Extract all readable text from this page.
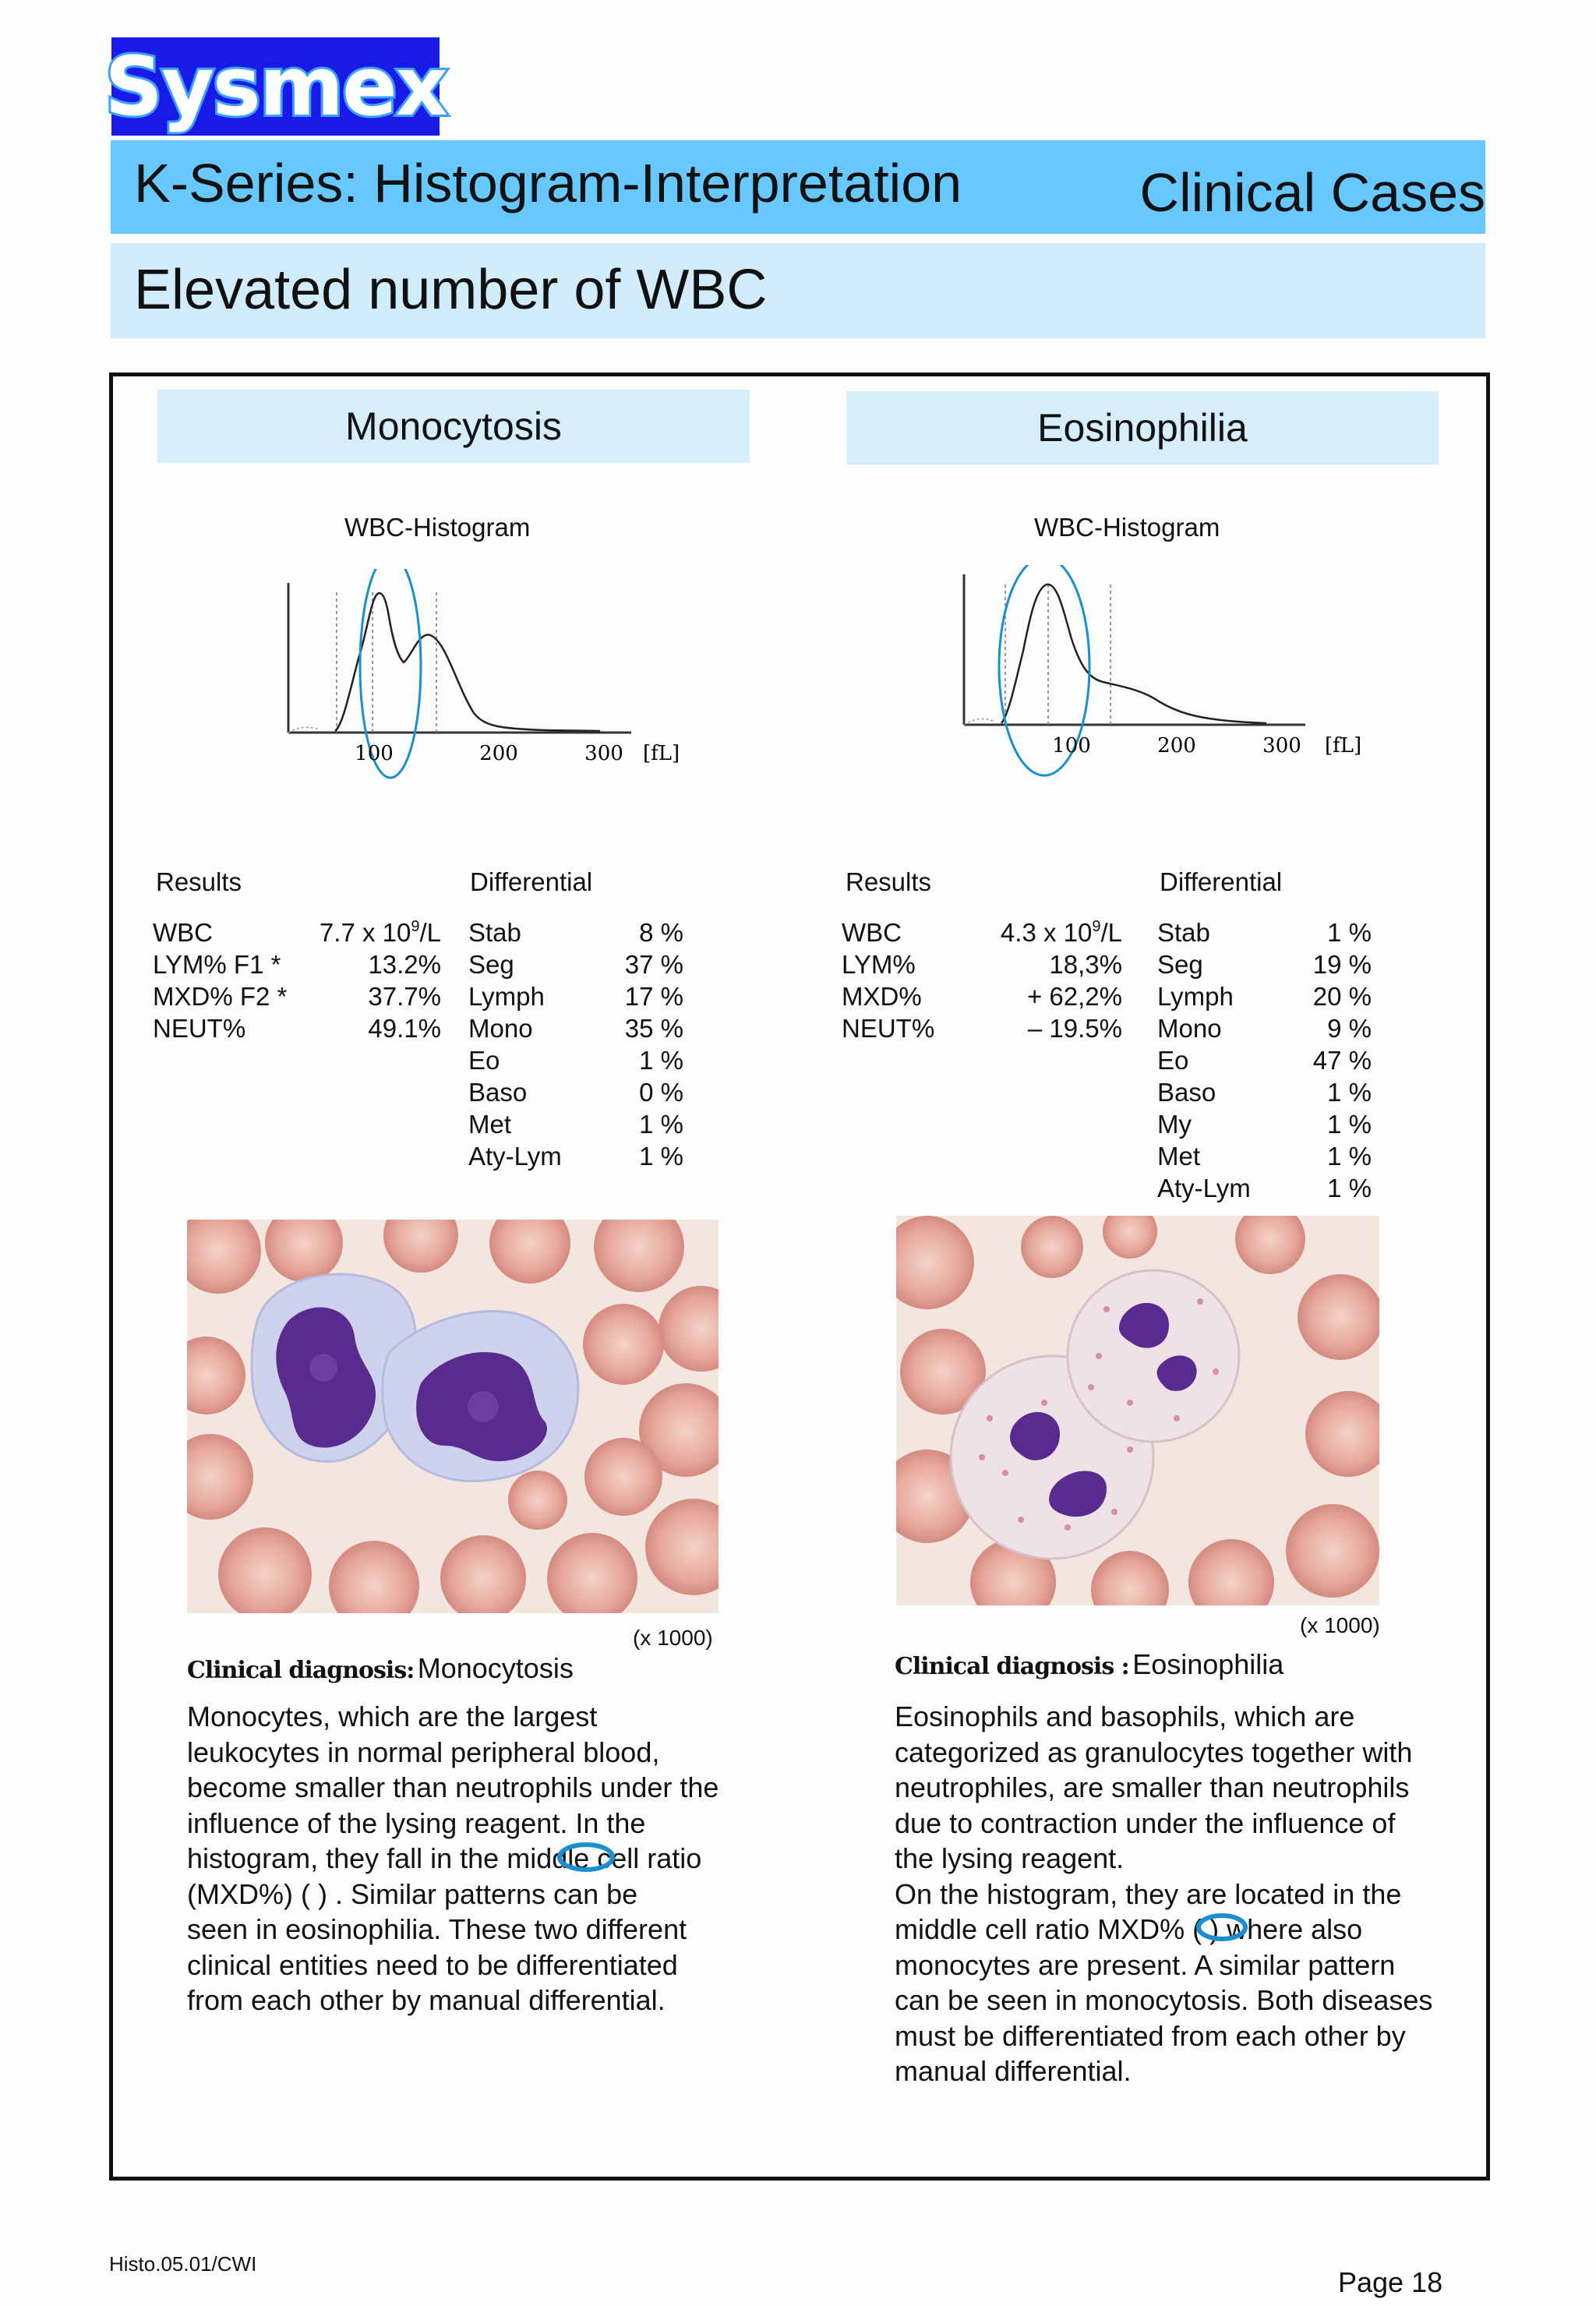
Sysmex
K-Series: Histogram-Interpretation	Clinical Cases
Elevated number of WBC
Monocytosis	Eosinophilia
WBC-Histogram	WBC-Histogram
100	200	300 [fL]	100	200	300 [fL]
Results	Differential
WBC	7.7 x $10^9/L$
LYM% F1 *	13.2%
MXD% F2 *	37.7%
NEUT%	49.1%
Stab	8 %
Seg	37 %
Lymph	17 %
Mono	35 %
Eo	1 %
Baso	0 %
Met	1 %
Aty-Lym	1 %
Results	Differential
WBC	4.3 x $10^9/L$
LYM%	18,3%
MXD%	+ 62,2%
NEUT%	– 19.5%
Stab	1 %
Seg	19 %
Lymph	20 %
Mono	9 %
Eo	47 %
Baso	1 %
My	1 %
Met	1 %
Aty-Lym	1 %
(x 1000)
(x 1000)
Clinical diagnosis: Monocytosis
Monocytes, which are the largest
leukocytes in normal peripheral blood,
become smaller than neutrophils under the
influence of the lysing reagent. In the
histogram, they fall in the middle cell ratio
(MXD%) ( ) . Similar patterns can be
seen in eosinophilia. These two different
clinical entities need to be differentiated
from each other by manual differential.
Clinical diagnosis : Eosinophilia
Eosinophils and basophils, which are
categorized as granulocytes together with
neutrophiles, are smaller than neutrophils
due to contraction under the influence of
the lysing reagent.
On the histogram, they are located in the
middle cell ratio MXD% ( ) where also
monocytes are present. A similar pattern
can be seen in monocytosis. Both diseases
must be differentiated from each other by
manual differential.
Histo.05.01/CWI
Page 18
